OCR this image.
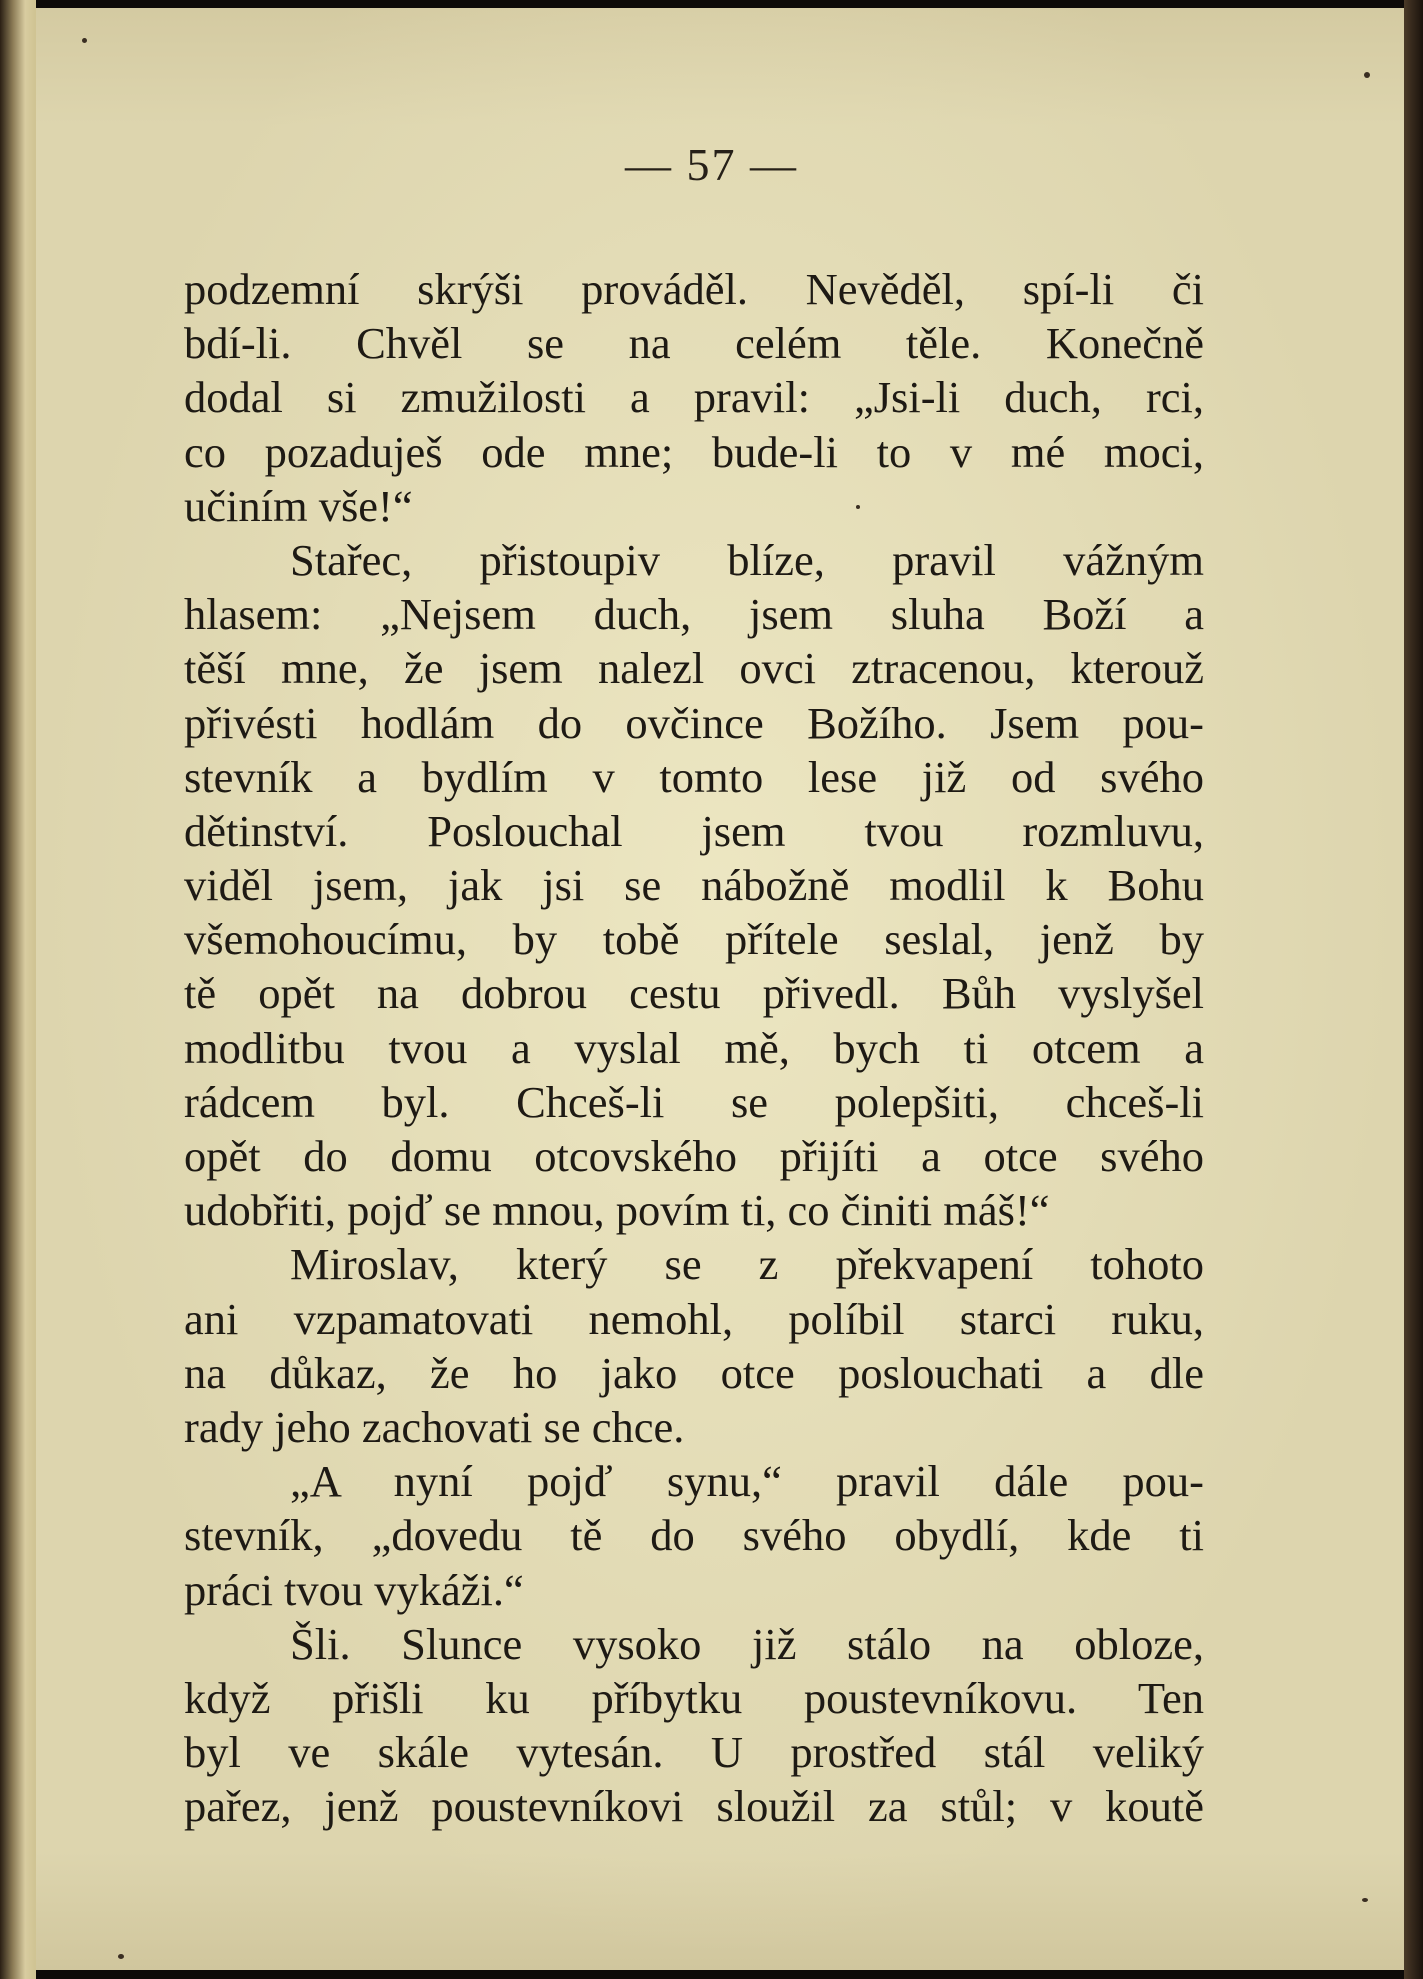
— 57 —
podzemní skrýši prováděl. Nevěděl, spí-li či
bdí-li. Chvěl se na celém těle. Konečně
dodal si zmužilosti a pravil: „Jsi-li duch, rci,
co pozaduješ ode mne; bude-li to v mé moci,
učiním vše!“
Stařec, přistoupiv blíze, pravil vážným
hlasem: „Nejsem duch, jsem sluha Boží a
těší mne, že jsem nalezl ovci ztracenou, kterouž
přivésti hodlám do ovčince Božího. Jsem pou-
stevník a bydlím v tomto lese již od svého
dětinství. Poslouchal jsem tvou rozmluvu,
viděl jsem, jak jsi se nábožně modlil k Bohu
všemohoucímu, by tobě přítele seslal, jenž by
tě opět na dobrou cestu přivedl. Bůh vyslyšel
modlitbu tvou a vyslal mě, bych ti otcem a
rádcem byl. Chceš-li se polepšiti, chceš-li
opět do domu otcovského přijíti a otce svého
udobřiti, pojď se mnou, povím ti, co činiti máš!“
Miroslav, který se z překvapení tohoto
ani vzpamatovati nemohl, políbil starci ruku,
na důkaz, že ho jako otce poslouchati a dle
rady jeho zachovati se chce.
„A nyní pojď synu,“ pravil dále pou-
stevník, „dovedu tě do svého obydlí, kde ti
práci tvou vykáži.“
Šli. Slunce vysoko již stálo na obloze,
když přišli ku příbytku poustevníkovu. Ten
byl ve skále vytesán. U prostřed stál veliký
pařez, jenž poustevníkovi sloužil za stůl; v koutě
